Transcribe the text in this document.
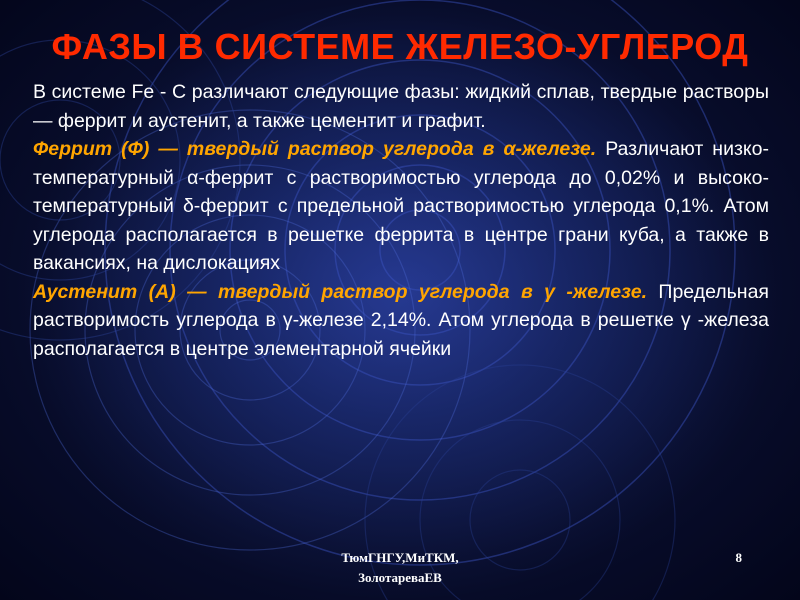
ФАЗЫ В СИСТЕМЕ ЖЕЛЕЗО-УГЛЕРОД

В системе Fe - С различают следующие фазы: жидкий сплав, твердые растворы — феррит и аустенит, а также цементит и графит.

Феррит (Ф) — твердый раствор углерода в α-железе. Различают низко-температурный α-феррит с растворимостью углерода до 0,02% и высоко-температурный δ-феррит с предельной растворимостью углерода 0,1%. Атом углерода располагается в решетке феррита в центре грани куба, а также в вакансиях, на дислокациях

Аустенит (А) — твердый раствор углерода в γ -железе. Предельная растворимость углерода в γ-железе 2,14%. Атом углерода в решетке γ -железа располагается в центре элементарной ячейки

ТюмГНГУ,МиТКМ,
ЗолотареваЕВ
8
